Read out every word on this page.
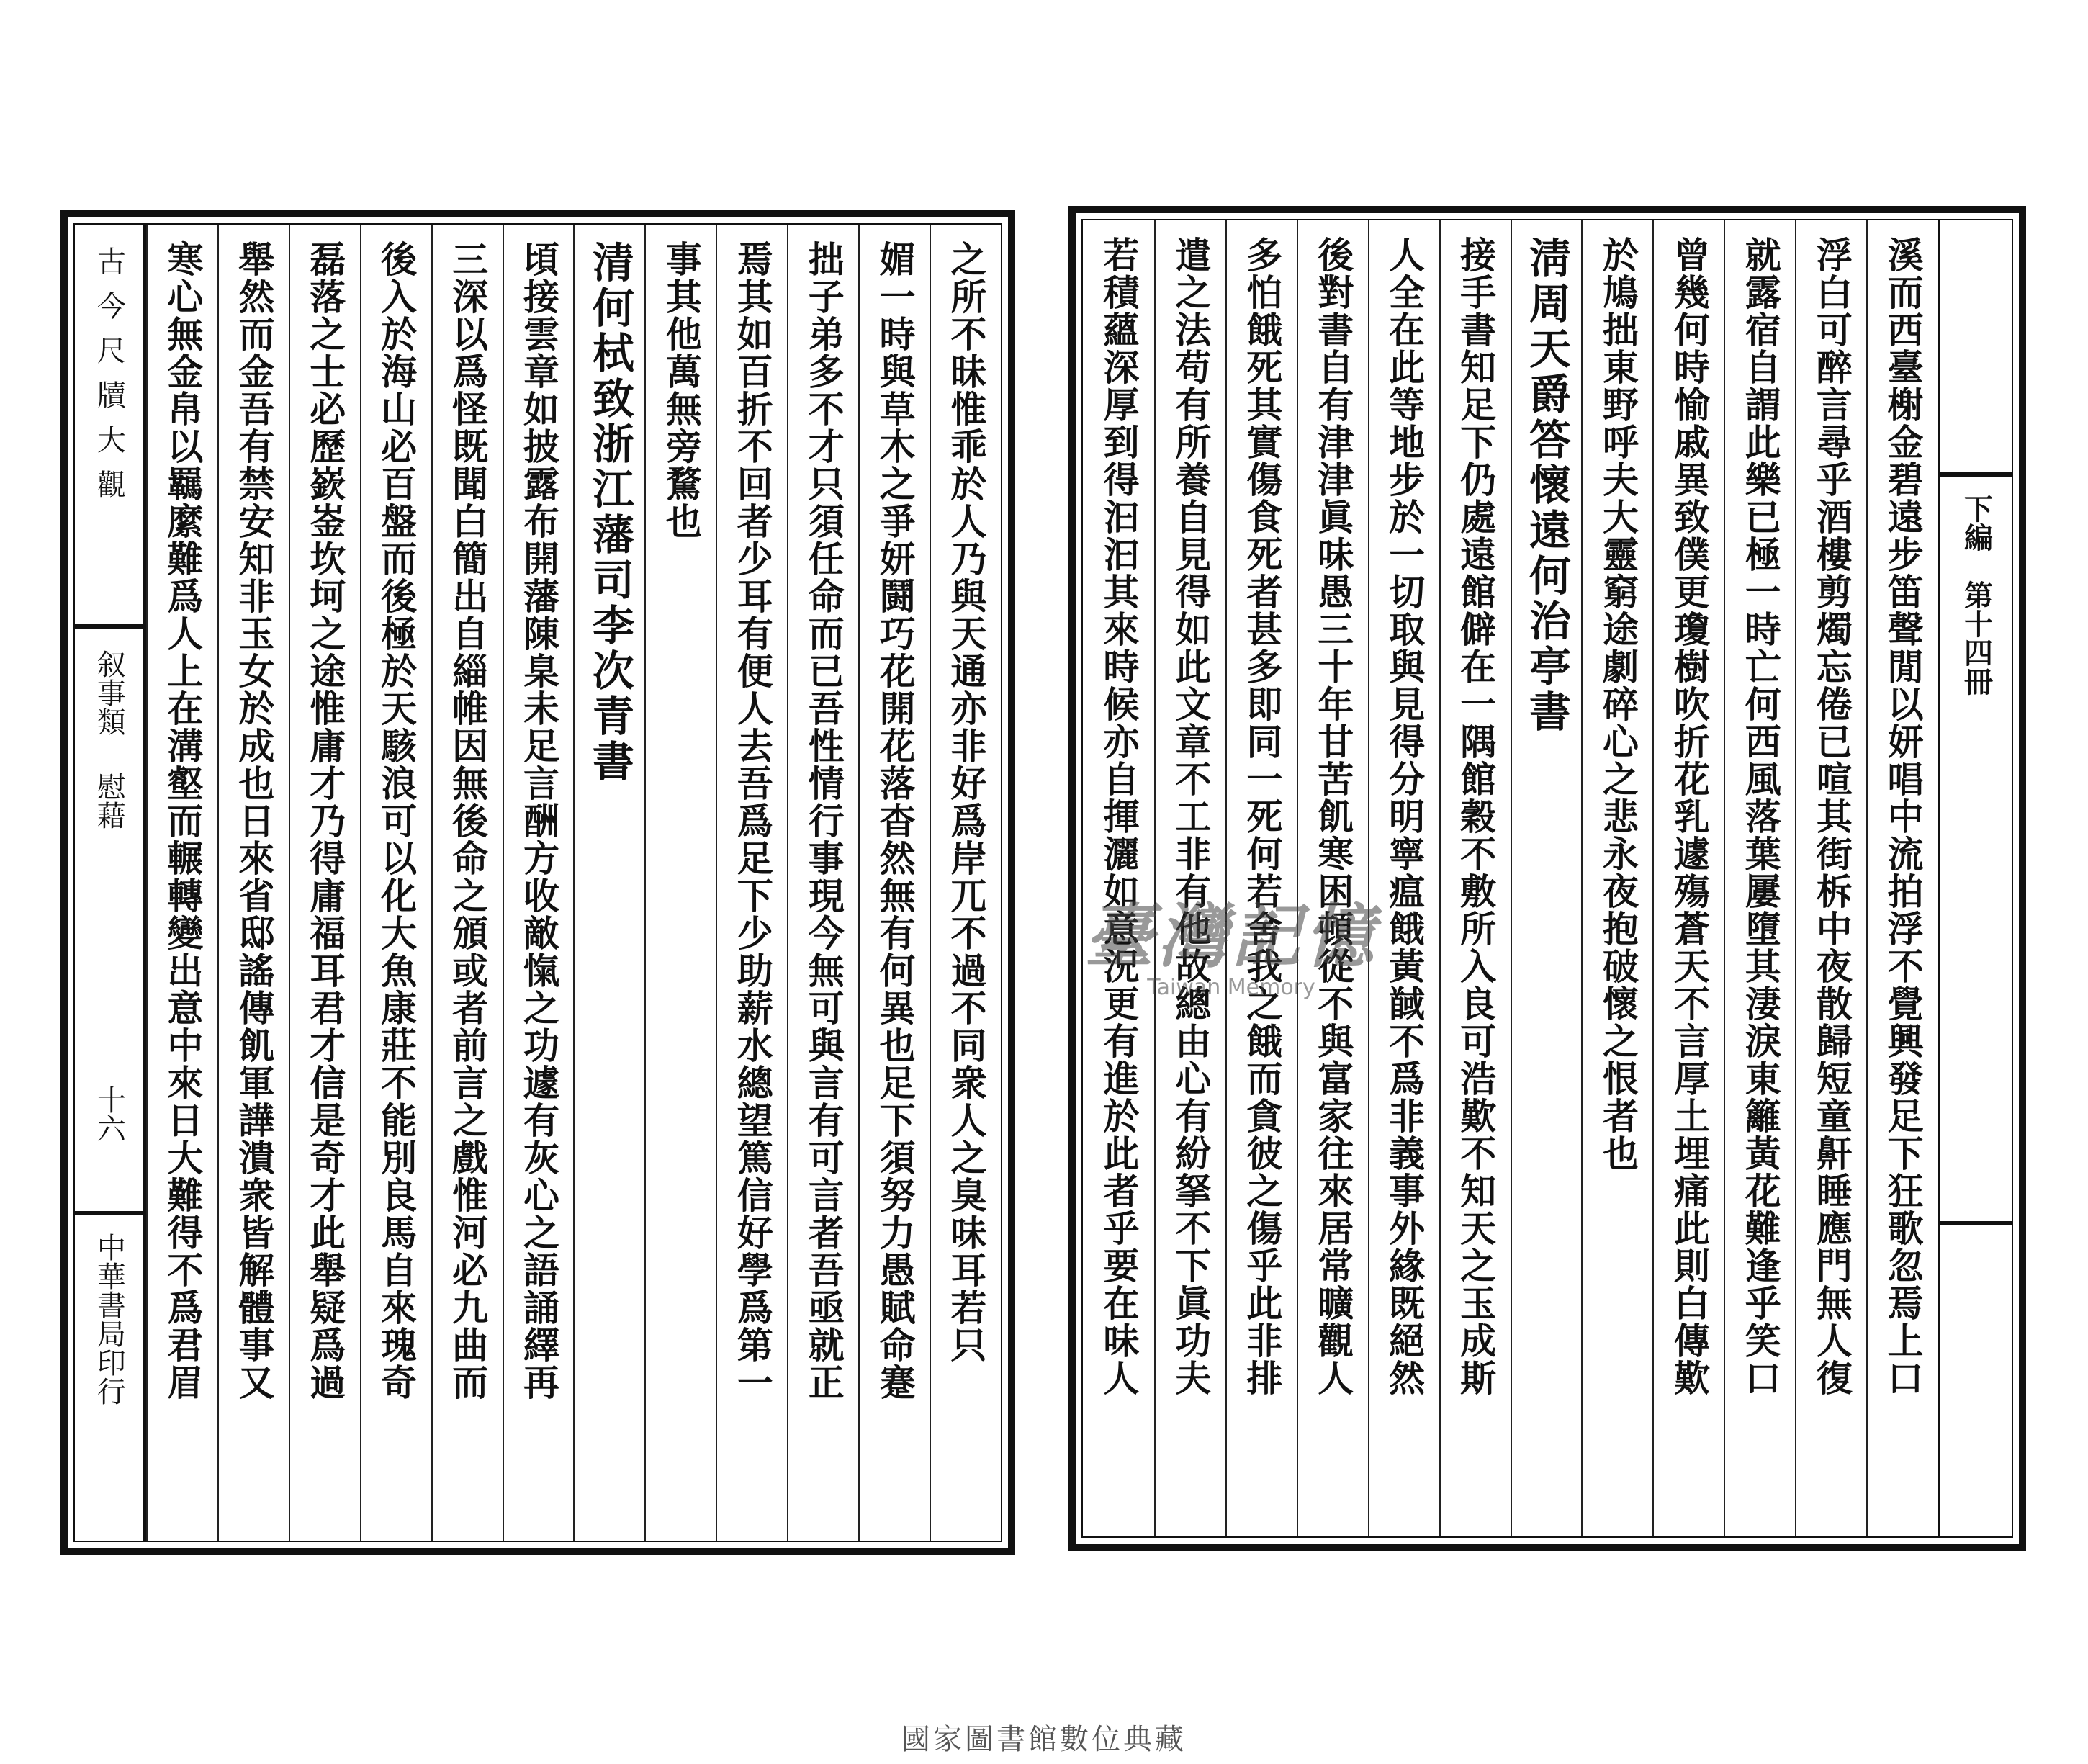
之所不昧惟乖於人乃與天通亦非好爲岸兀不過不同衆人之臭味耳若只
媚一時與草木之爭妍鬪巧花開花落杳然無有何異也足下須努力愚賦命蹇
拙子弟多不才只須任命而已吾性情行事現今無可與言有可言者吾亟就正
焉其如百折不回者少耳有便人去吾爲足下少助薪水總望篤信好學爲第一
事其他萬無旁騖也
清何栻致浙江藩司李次青書
頃接雲章如披露布開藩陳臬未足言酬方收敵愾之功遽有灰心之語誦繹再
三深以爲怪既聞白簡出自緇帷因無後命之頒或者前言之戲惟河必九曲而
後入於海山必百盤而後極於天駭浪可以化大魚康莊不能別良馬自來瑰奇
磊落之士必歷嶔崟坎坷之途惟庸才乃得庸福耳君才信是奇才此舉疑爲過
舉然而金吾有禁安知非玉女於成也日來省邸謠傳飢軍譁潰衆皆解體事又
寒心無金帛以羈縻難爲人上在溝壑而輾轉變出意中來日大難得不爲君眉
古今尺牘大觀
叙事類
慰藉
十六
中華書局印行
下編
第十四冊
溪而西臺榭金碧遠步笛聲閒以妍唱中流拍浮不覺興發足下狂歌忽焉上口
浮白可醉言尋乎酒樓剪燭忘倦已喧其街柝中夜散歸短童鼾睡應門無人復
就露宿自謂此樂已極一時亡何西風落葉屢墮其淒淚東籬黃花難逢乎笑口
曾幾何時愉戚異致僕更瓊樹吹折花乳遽殤蒼天不言厚土埋痛此則白傳歎
於鳩拙東野呼夫大靈窮途劇碎心之悲永夜抱破懷之恨者也
淸周天爵答懷遠何治亭書
接手書知足下仍處遠館僻在一隅館穀不敷所入良可浩歎不知天之玉成斯
人全在此等地步於一切取與見得分明寧瘟餓黃馘不爲非義事外緣既絕然
後對書自有津津眞味愚三十年甘苦飢寒困頓從不與富家往來居常曠觀人
多怕餓死其實傷食死者甚多即同一死何若舍我之餓而貪彼之傷乎此非排
遣之法苟有所養自見得如此文章不工非有他故總由心有紛拏不下眞功夫
若積蘊深厚到得汩汩其來時候亦自揮灑如意況更有進於此者乎要在味人
臺灣記憶
Taiwan Memory
國家圖書館數位典藏
